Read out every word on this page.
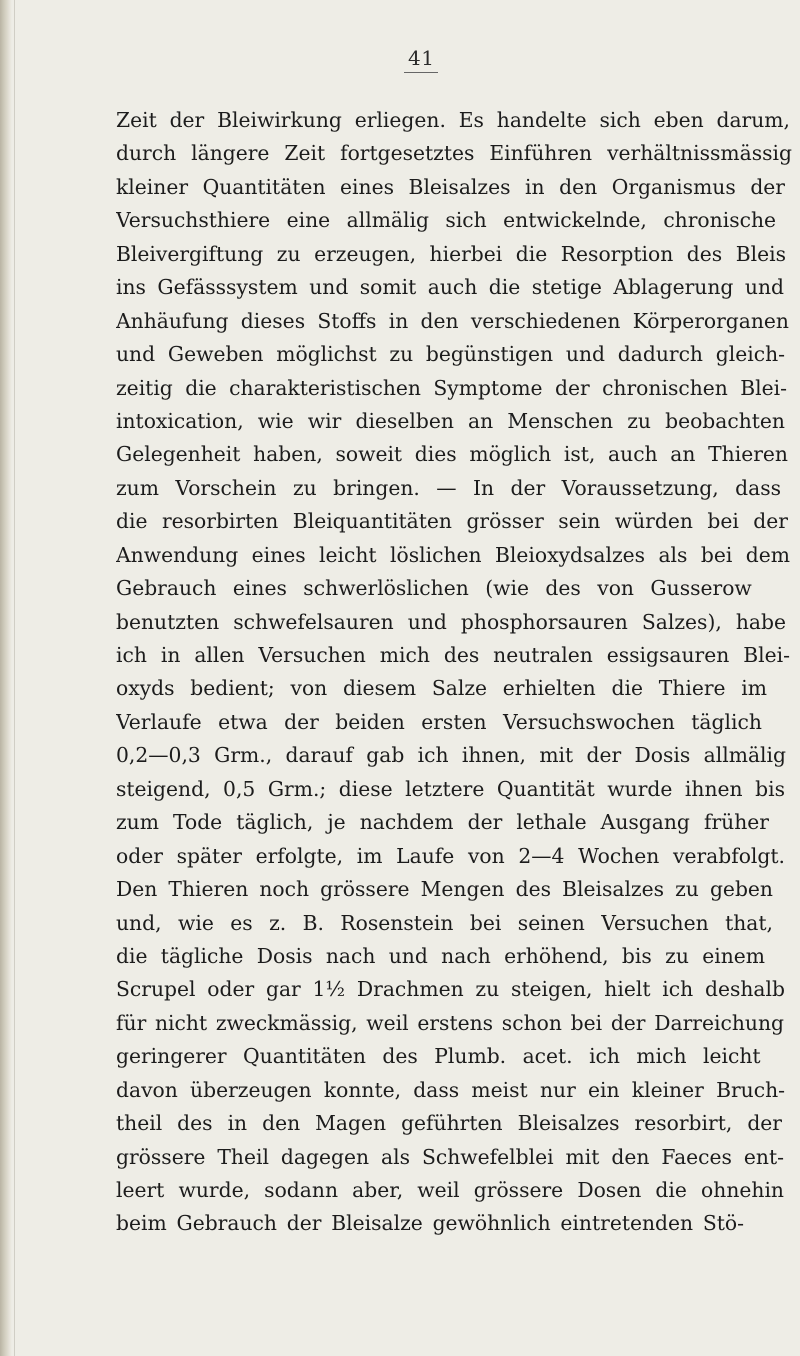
41
Zeit der Bleiwirkung erliegen. Es handelte sich eben darum,
durch längere Zeit fortgesetztes Einführen verhältnissmässig
kleiner Quantitäten eines Bleisalzes in den Organismus der
Versuchsthiere eine allmälig sich entwickelnde, chronische
Bleivergiftung zu erzeugen, hierbei die Resorption des Bleis
ins Gefässsystem und somit auch die stetige Ablagerung und
Anhäufung dieses Stoffs in den verschiedenen Körperorganen
und Geweben möglichst zu begünstigen und dadurch gleich-
zeitig die charakteristischen Symptome der chronischen Blei-
intoxication, wie wir dieselben an Menschen zu beobachten
Gelegenheit haben, soweit dies möglich ist, auch an Thieren
zum Vorschein zu bringen. — In der Voraussetzung, dass
die resorbirten Bleiquantitäten grösser sein würden bei der
Anwendung eines leicht löslichen Bleioxydsalzes als bei dem
Gebrauch eines schwerlöslichen (wie des von Gusserow
benutzten schwefelsauren und phosphorsauren Salzes), habe
ich in allen Versuchen mich des neutralen essigsauren Blei-
oxyds bedient; von diesem Salze erhielten die Thiere im
Verlaufe etwa der beiden ersten Versuchswochen täglich
0,2—0,3 Grm., darauf gab ich ihnen, mit der Dosis allmälig
steigend, 0,5 Grm.; diese letztere Quantität wurde ihnen bis
zum Tode täglich, je nachdem der lethale Ausgang früher
oder später erfolgte, im Laufe von 2—4 Wochen verabfolgt.
Den Thieren noch grössere Mengen des Bleisalzes zu geben
und, wie es z. B. Rosenstein bei seinen Versuchen that,
die tägliche Dosis nach und nach erhöhend, bis zu einem
Scrupel oder gar 1½ Drachmen zu steigen, hielt ich deshalb
für nicht zweckmässig, weil erstens schon bei der Darreichung
geringerer Quantitäten des Plumb. acet. ich mich leicht
davon überzeugen konnte, dass meist nur ein kleiner Bruch-
theil des in den Magen geführten Bleisalzes resorbirt, der
grössere Theil dagegen als Schwefelblei mit den Faeces ent-
leert wurde, sodann aber, weil grössere Dosen die ohnehin
beim Gebrauch der Bleisalze gewöhnlich eintretenden Stö-
